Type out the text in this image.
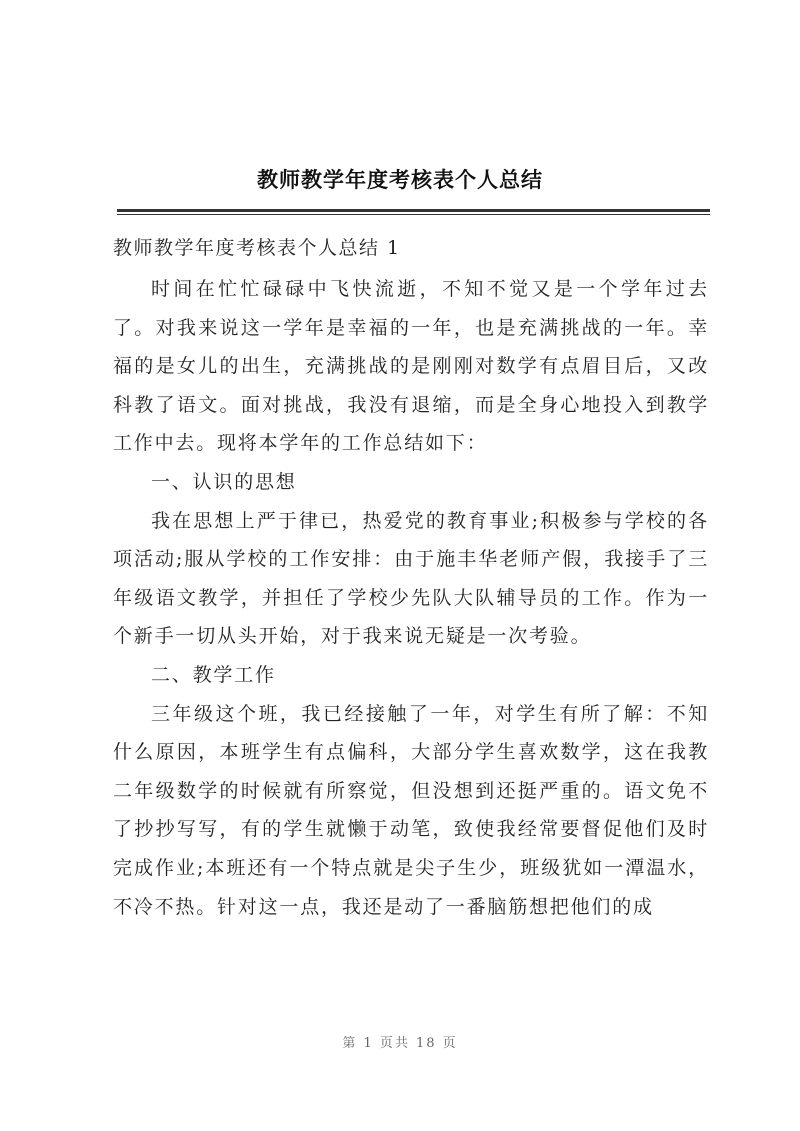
教师教学年度考核表个人总结
教师教学年度考核表个人总结 1

时间在忙忙碌碌中飞快流逝，不知不觉又是一个学年过去了。对我来说这一学年是幸福的一年，也是充满挑战的一年。幸福的是女儿的出生，充满挑战的是刚刚对数学有点眉目后，又改科教了语文。面对挑战，我没有退缩，而是全身心地投入到教学工作中去。现将本学年的工作总结如下：

一、认识的思想

我在思想上严于律已，热爱党的教育事业;积极参与学校的各项活动;服从学校的工作安排：由于施丰华老师产假，我接手了三年级语文教学，并担任了学校少先队大队辅导员的工作。作为一个新手一切从头开始，对于我来说无疑是一次考验。

二、教学工作

三年级这个班，我已经接触了一年，对学生有所了解：不知什么原因，本班学生有点偏科，大部分学生喜欢数学，这在我教二年级数学的时候就有所察觉，但没想到还挺严重的。语文免不了抄抄写写，有的学生就懒于动笔，致使我经常要督促他们及时完成作业;本班还有一个特点就是尖子生少，班级犹如一潭温水，不冷不热。针对这一点，我还是动了一番脑筋想把他们的成

第 1 页共 18 页
